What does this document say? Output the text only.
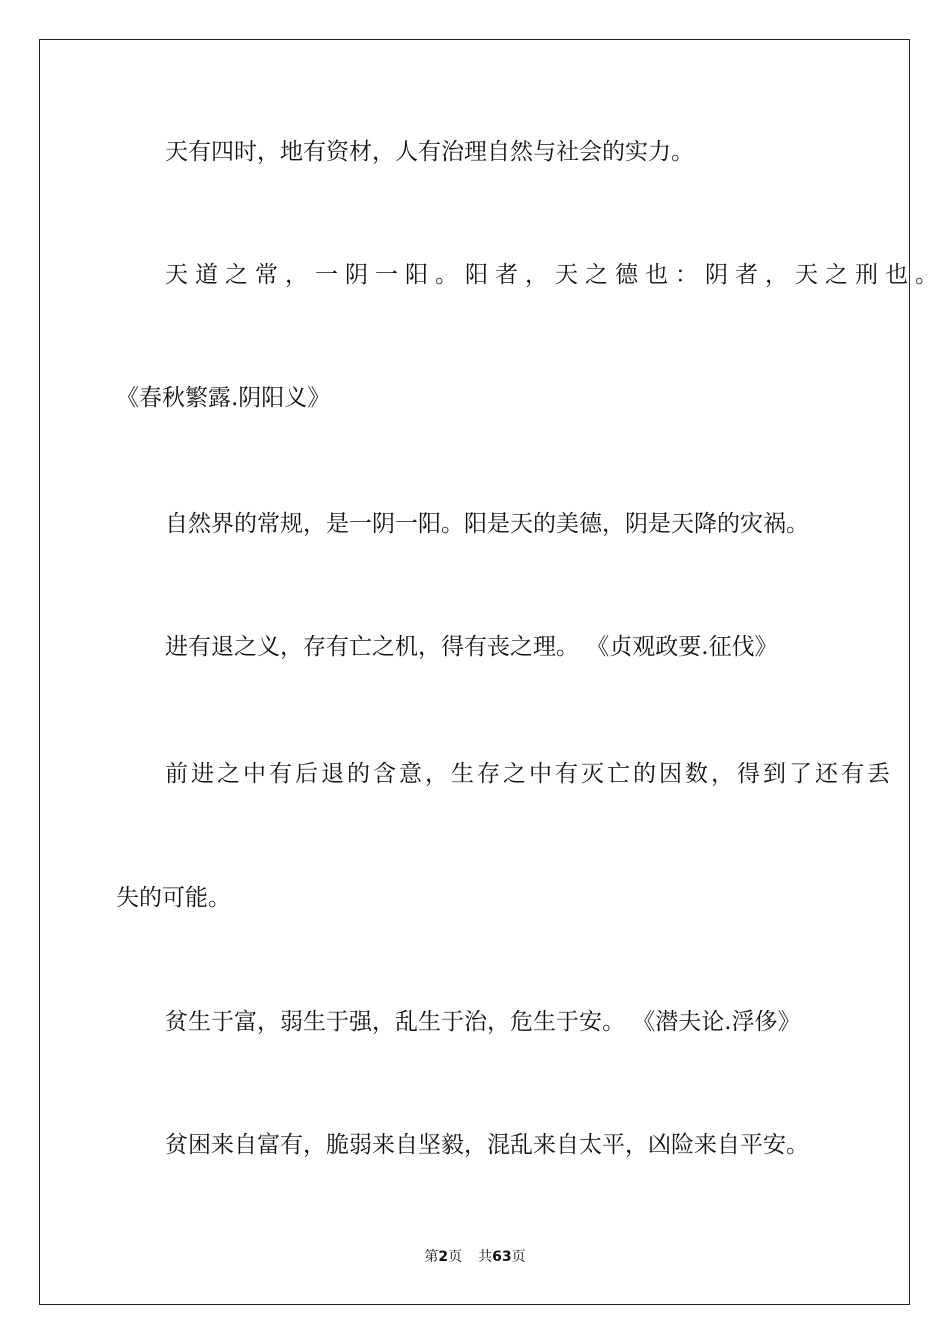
天有四时，地有资材，人有治理自然与社会的实力。
天道之常，一阴一阳。阳者，天之德也：阴者，天之刑也。
《春秋繁露.阴阳义》
自然界的常规，是一阴一阳。阳是天的美德，阴是天降的灾祸。
进有退之义，存有亡之机，得有丧之理。 《贞观政要.征伐》
前进之中有后退的含意，生存之中有灭亡的因数，得到了还有丢
失的可能。
贫生于富，弱生于强，乱生于治，危生于安。 《潜夫论.浮侈》
贫困来自富有，脆弱来自坚毅，混乱来自太平，凶险来自平安。
第2页 共63页
